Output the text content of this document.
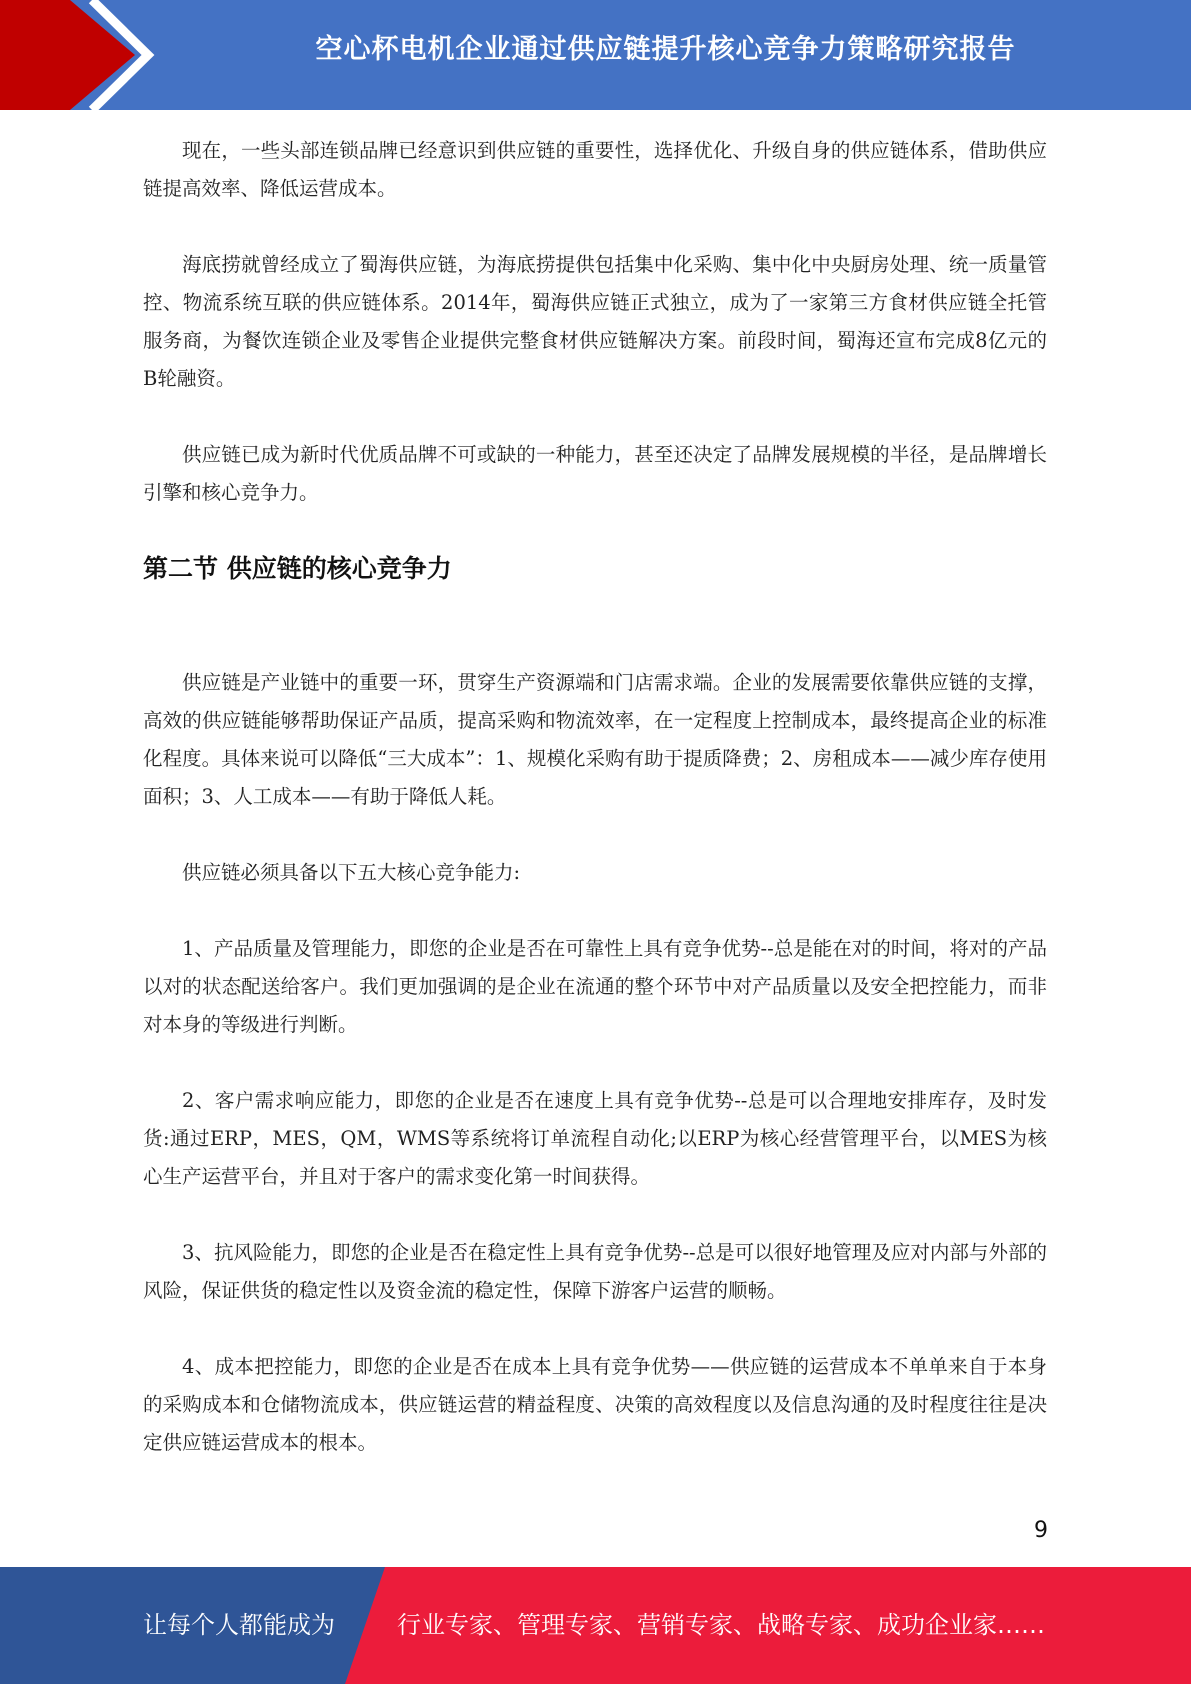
空心杯电机企业通过供应链提升核心竞争力策略研究报告

现在，一些头部连锁品牌已经意识到供应链的重要性，选择优化、升级自身的供应链体系，借助供应链提高效率、降低运营成本。

海底捞就曾经成立了蜀海供应链，为海底捞提供包括集中化采购、集中化中央厨房处理、统一质量管控、物流系统互联的供应链体系。2014年，蜀海供应链正式独立，成为了一家第三方食材供应链全托管服务商，为餐饮连锁企业及零售企业提供完整食材供应链解决方案。前段时间，蜀海还宣布完成8亿元的B轮融资。

供应链已成为新时代优质品牌不可或缺的一种能力，甚至还决定了品牌发展规模的半径，是品牌增长引擎和核心竞争力。

第二节 供应链的核心竞争力

供应链是产业链中的重要一环，贯穿生产资源端和门店需求端。企业的发展需要依靠供应链的支撑，高效的供应链能够帮助保证产品质，提高采购和物流效率，在一定程度上控制成本，最终提高企业的标准化程度。具体来说可以降低“三大成本”：1、规模化采购有助于提质降费；2、房租成本——减少库存使用面积；3、人工成本——有助于降低人耗。

供应链必须具备以下五大核心竞争能力:

1、产品质量及管理能力，即您的企业是否在可靠性上具有竞争优势--总是能在对的时间，将对的产品以对的状态配送给客户。我们更加强调的是企业在流通的整个环节中对产品质量以及安全把控能力，而非对本身的等级进行判断。

2、客户需求响应能力，即您的企业是否在速度上具有竞争优势--总是可以合理地安排库存，及时发货:通过ERP，MES，QM，WMS等系统将订单流程自动化;以ERP为核心经营管理平台，以MES为核心生产运营平台，并且对于客户的需求变化第一时间获得。

3、抗风险能力，即您的企业是否在稳定性上具有竞争优势--总是可以很好地管理及应对内部与外部的风险，保证供货的稳定性以及资金流的稳定性，保障下游客户运营的顺畅。

4、成本把控能力，即您的企业是否在成本上具有竞争优势——供应链的运营成本不单单来自于本身的采购成本和仓储物流成本，供应链运营的精益程度、决策的高效程度以及信息沟通的及时程度往往是决定供应链运营成本的根本。

9
让每个人都能成为	行业专家、管理专家、营销专家、战略专家、成功企业家……
